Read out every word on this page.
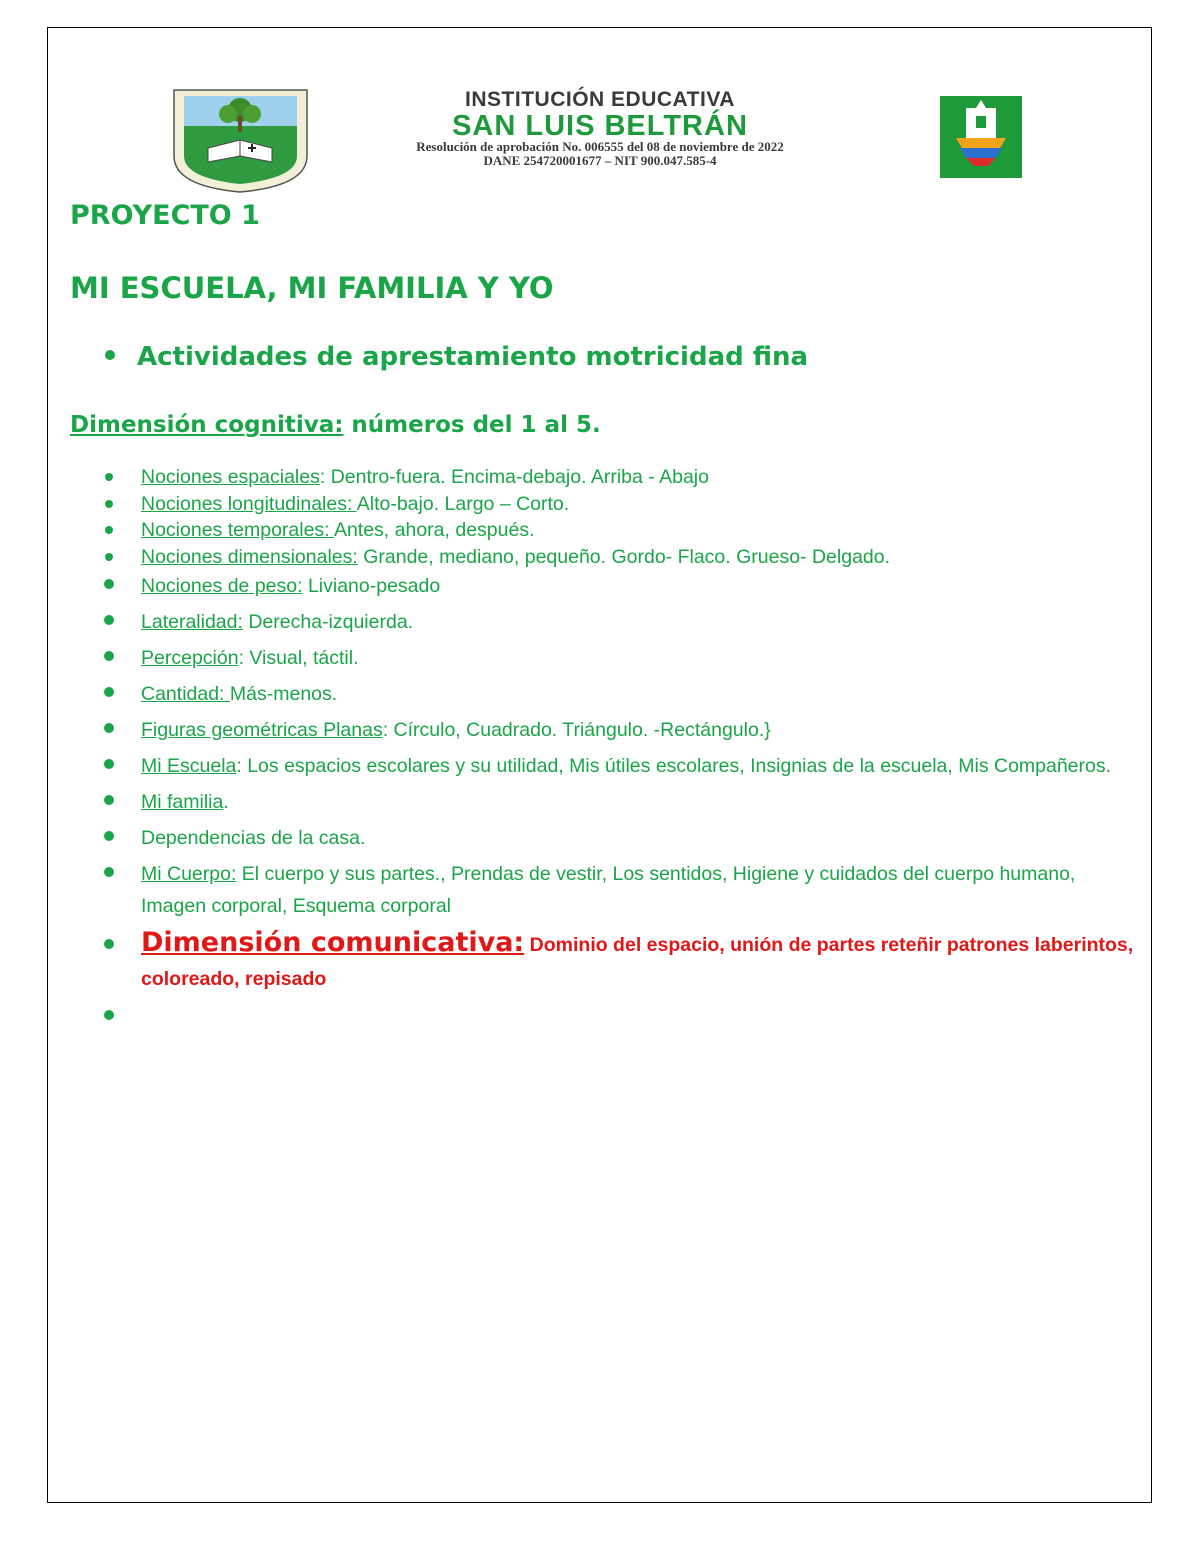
INSTITUCIÓN EDUCATIVA
SAN LUIS BELTRÁN
Resolución de aprobación No. 006555 del 08 de noviembre de 2022
DANE 254720001677 – NIT 900.047.585-4
PROYECTO 1
MI ESCUELA, MI FAMILIA Y YO
Actividades de aprestamiento motricidad fina
Dimensión cognitiva: números del 1 al 5.
Nociones espaciales: Dentro-fuera. Encima-debajo. Arriba - Abajo
Nociones longitudinales: Alto-bajo. Largo – Corto.
Nociones temporales: Antes, ahora, después.
Nociones dimensionales: Grande, mediano, pequeño. Gordo- Flaco. Grueso- Delgado.
Nociones de peso: Liviano-pesado
Lateralidad: Derecha-izquierda.
Percepción: Visual, táctil.
Cantidad: Más-menos.
Figuras geométricas Planas: Círculo, Cuadrado. Triángulo. -Rectángulo.}
Mi Escuela: Los espacios escolares y su utilidad, Mis útiles escolares, Insignias de la escuela, Mis Compañeros.
Mi familia.
Dependencias de la casa.
Mi Cuerpo: El cuerpo y sus partes., Prendas de vestir, Los sentidos, Higiene y cuidados del cuerpo humano, Imagen corporal, Esquema corporal
Dimensión comunicativa: Dominio del espacio, unión de partes reteñir patrones laberintos, coloreado, repisado
